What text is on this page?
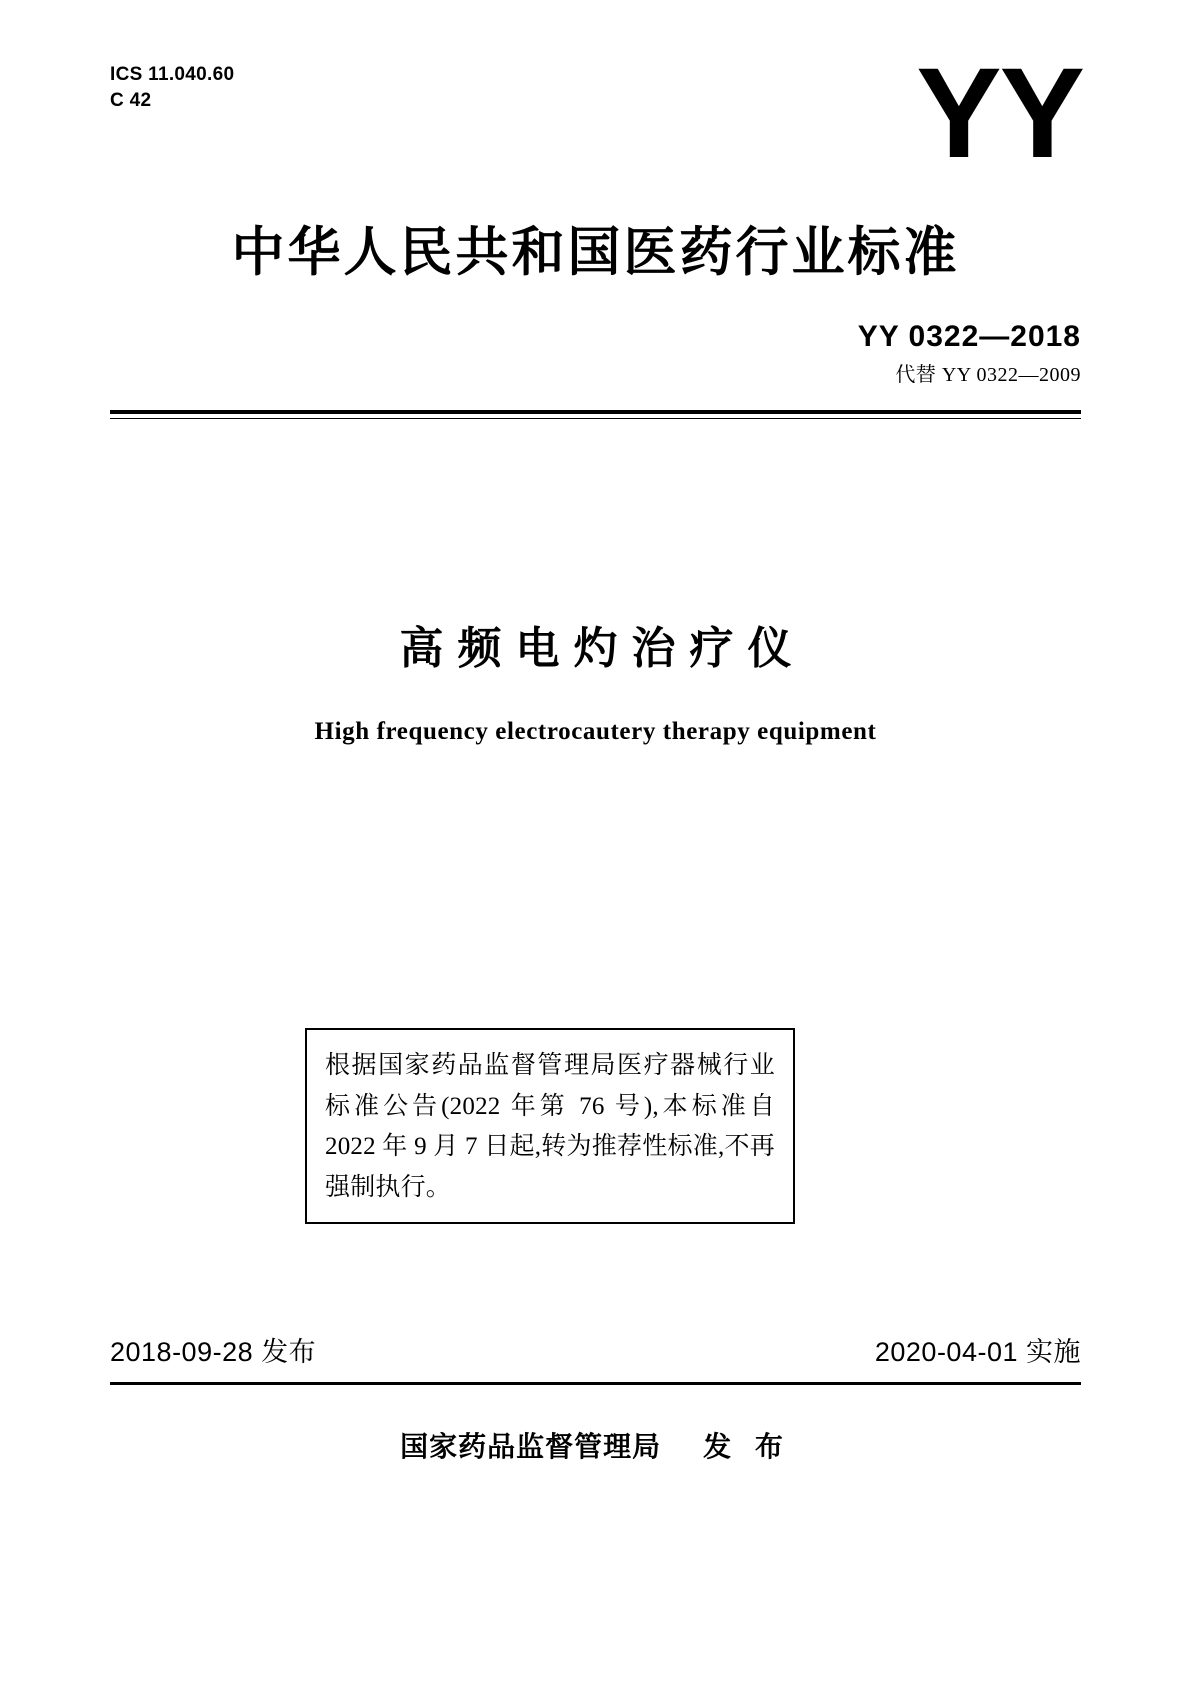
ICS 11.040.60
C 42	YY
中华人民共和国医药行业标准
YY 0322—2018
代替 YY 0322—2009
高频电灼治疗仪
High frequency electrocautery therapy equipment

根据国家药品监督管理局医疗器械行业标准公告(2022 年第 76 号),本标准自 2022 年 9 月 7 日起,转为推荐性标准,不再强制执行。

2018-09-28 发布	2020-04-01 实施
国家药品监督管理局 发 布
